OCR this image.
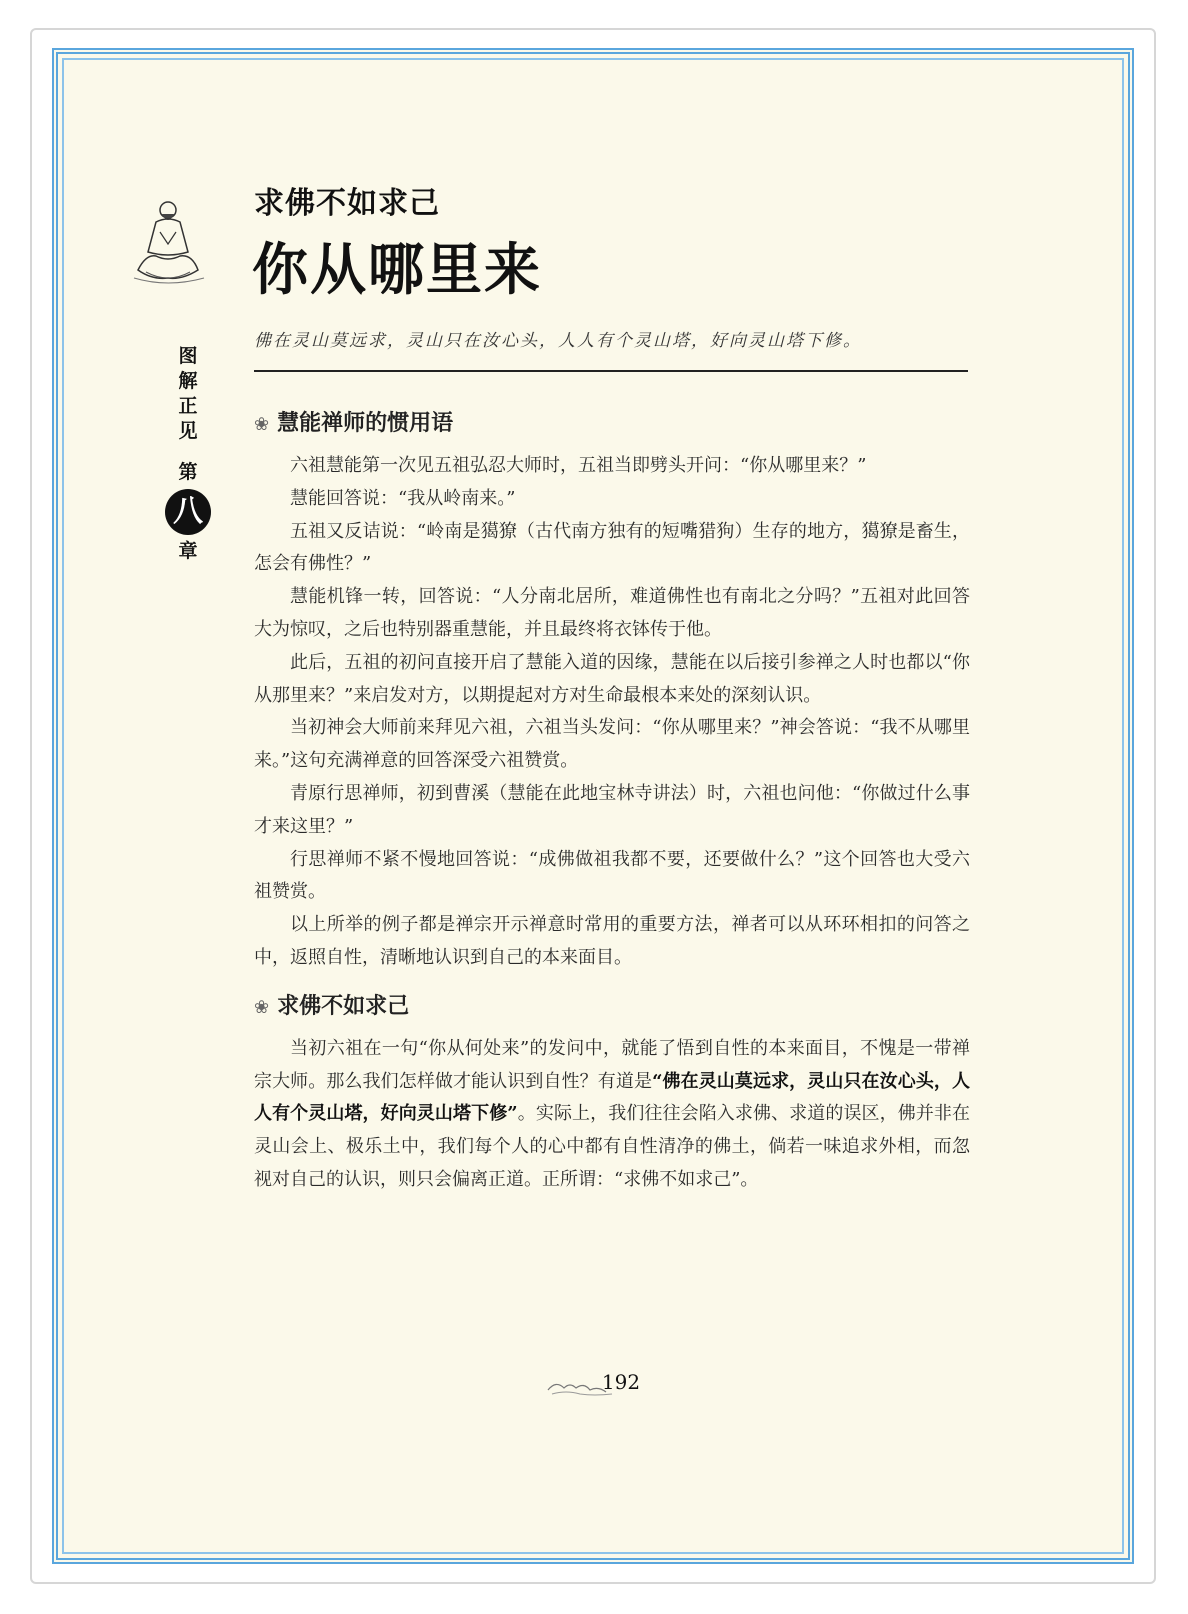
图
解
正
见
第
八
章
求佛不如求己
你从哪里来
佛在灵山莫远求，灵山只在汝心头，人人有个灵山塔，好向灵山塔下修。
❀ 慧能禅师的惯用语

六祖慧能第一次见五祖弘忍大师时，五祖当即劈头开问：“你从哪里来？”

慧能回答说：“我从岭南来。”

五祖又反诘说：“岭南是獦獠（古代南方独有的短嘴猎狗）生存的地方，獦獠是畜生，怎会有佛性？”

慧能机锋一转，回答说：“人分南北居所，难道佛性也有南北之分吗？”五祖对此回答大为惊叹，之后也特别器重慧能，并且最终将衣钵传于他。

此后，五祖的初问直接开启了慧能入道的因缘，慧能在以后接引参禅之人时也都以“你从那里来？”来启发对方，以期提起对方对生命最根本来处的深刻认识。

当初神会大师前来拜见六祖，六祖当头发问：“你从哪里来？”神会答说：“我不从哪里来。”这句充满禅意的回答深受六祖赞赏。

青原行思禅师，初到曹溪（慧能在此地宝林寺讲法）时，六祖也问他：“你做过什么事才来这里？”

行思禅师不紧不慢地回答说：“成佛做祖我都不要，还要做什么？”这个回答也大受六祖赞赏。

以上所举的例子都是禅宗开示禅意时常用的重要方法，禅者可以从环环相扣的问答之中，返照自性，清晰地认识到自己的本来面目。

❀ 求佛不如求己

当初六祖在一句“你从何处来”的发问中，就能了悟到自性的本来面目，不愧是一带禅宗大师。那么我们怎样做才能认识到自性？有道是“佛在灵山莫远求，灵山只在汝心头，人人有个灵山塔，好向灵山塔下修”。实际上，我们往往会陷入求佛、求道的误区，佛并非在灵山会上、极乐土中，我们每个人的心中都有自性清净的佛土，倘若一味追求外相，而忽视对自己的认识，则只会偏离正道。正所谓：“求佛不如求己”。

192
